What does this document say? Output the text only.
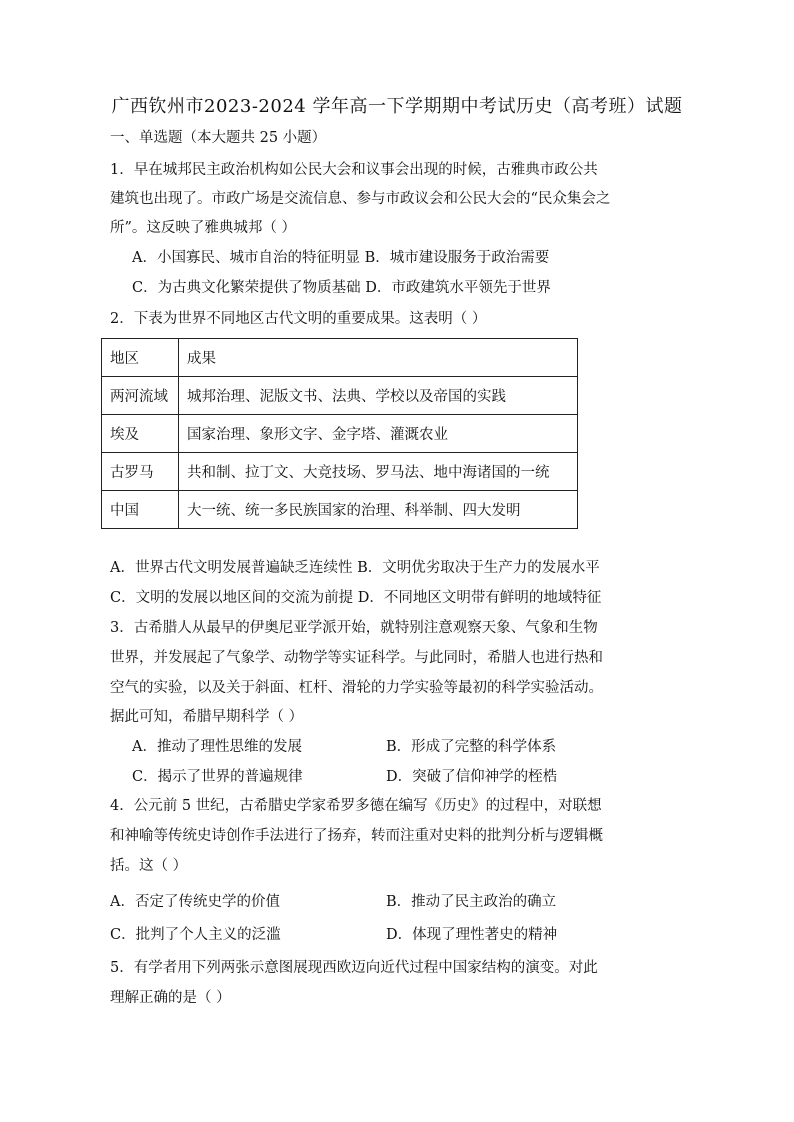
广西钦州市2023-2024 学年高一下学期期中考试历史（高考班）试题
一、单选题（本大题共 25 小题）
1．早在城邦民主政治机构如公民大会和议事会出现的时候，古雅典市政公共
建筑也出现了。市政广场是交流信息、参与市政议会和公民大会的“民众集会之
所”。这反映了雅典城邦（ ）
A．小国寡民、城市自治的特征明显 B．城市建设服务于政治需要
C．为古典文化繁荣提供了物质基础 D．市政建筑水平领先于世界
2．下表为世界不同地区古代文明的重要成果。这表明（ ）
地区	成果
两河流域	城邦治理、泥版文书、法典、学校以及帝国的实践
埃及	国家治理、象形文字、金字塔、灌溉农业
古罗马	共和制、拉丁文、大竞技场、罗马法、地中海诸国的一统
中国	大一统、统一多民族国家的治理、科举制、四大发明
A．世界古代文明发展普遍缺乏连续性 B．文明优劣取决于生产力的发展水平
C．文明的发展以地区间的交流为前提 D．不同地区文明带有鲜明的地域特征
3．古希腊人从最早的伊奥尼亚学派开始，就特别注意观察天象、气象和生物
世界，并发展起了气象学、动物学等实证科学。与此同时，希腊人也进行热和
空气的实验，以及关于斜面、杠杆、滑轮的力学实验等最初的科学实验活动。
据此可知，希腊早期科学（ ）
A．推动了理性思维的发展	B．形成了完整的科学体系
C．揭示了世界的普遍规律	D．突破了信仰神学的桎梏
4．公元前 5 世纪，古希腊史学家希罗多德在编写《历史》的过程中，对联想
和神喻等传统史诗创作手法进行了扬弃，转而注重对史料的批判分析与逻辑概
括。这（ ）
A．否定了传统史学的价值	B．推动了民主政治的确立
C．批判了个人主义的泛滥	D．体现了理性著史的精神
5．有学者用下列两张示意图展现西欧迈向近代过程中国家结构的演变。对此
理解正确的是（ ）
